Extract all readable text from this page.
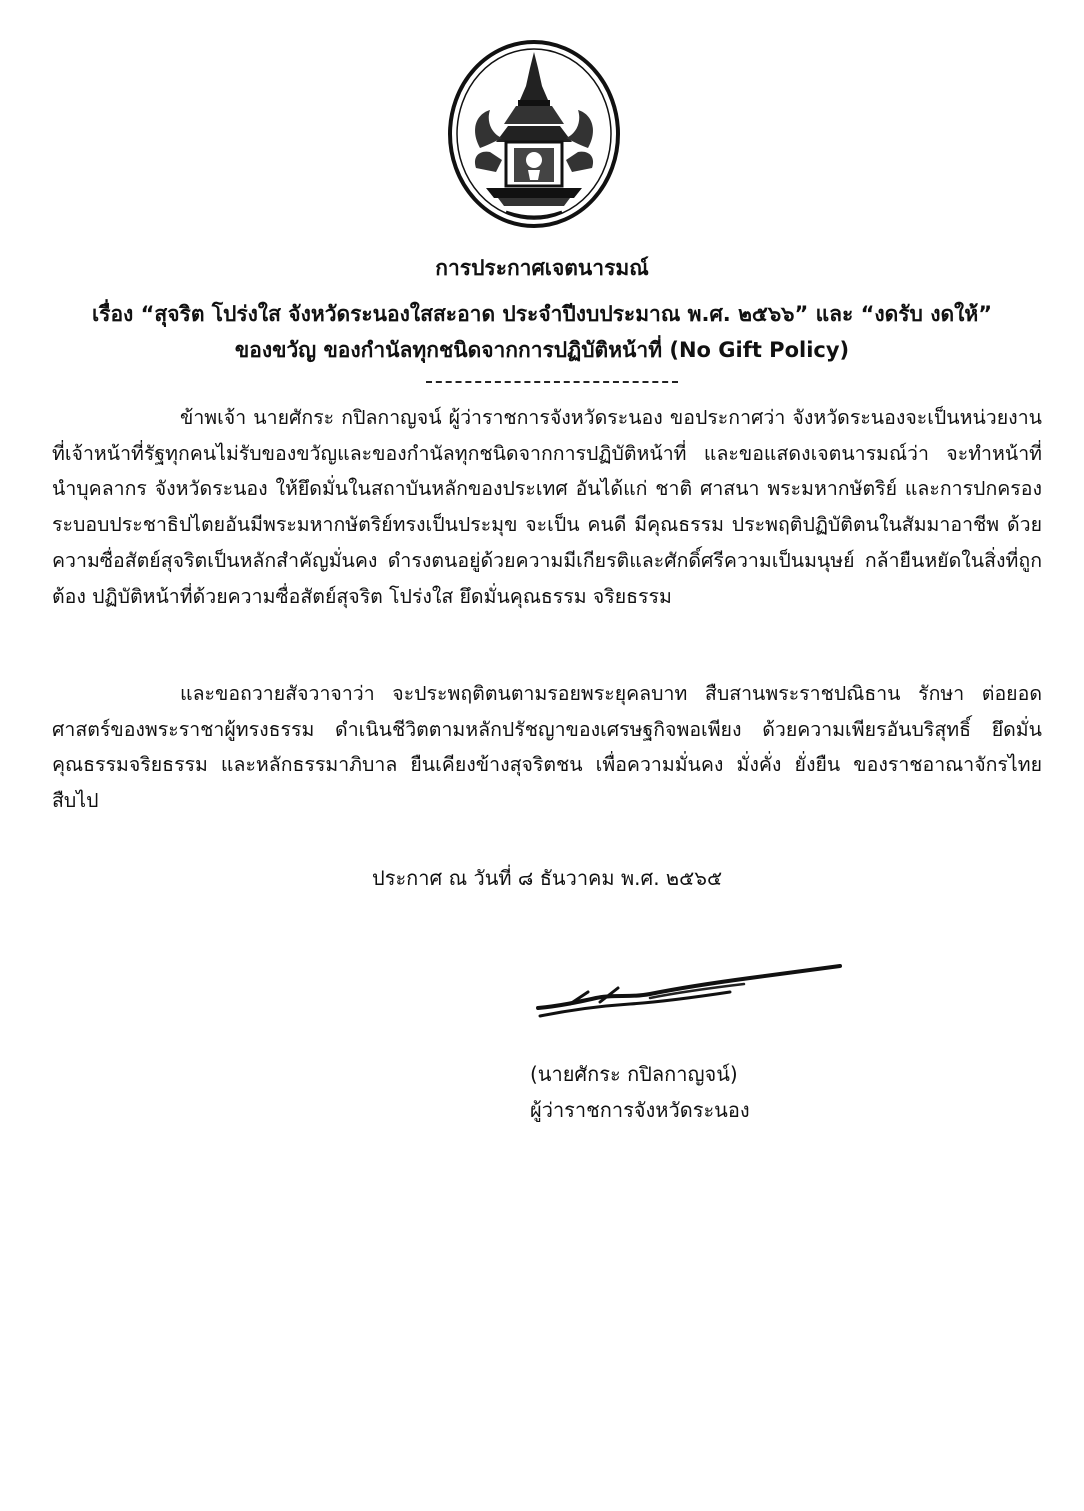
การประกาศเจตนารมณ์
เรื่อง “สุจริต โปร่งใส จังหวัดระนองใสสะอาด ประจำปีงบประมาณ พ.ศ. ๒๕๖๖” และ “งดรับ งดให้”
ของขวัญ ของกำนัลทุกชนิดจากการปฏิบัติหน้าที่ (No Gift Policy)
ข้าพเจ้า นายศักระ กปิลกาญจน์ ผู้ว่าราชการจังหวัดระนอง ขอประกาศว่า จังหวัดระนองจะเป็นหน่วยงานที่เจ้าหน้าที่รัฐทุกคนไม่รับของขวัญและของกำนัลทุกชนิดจากการปฏิบัติหน้าที่ และขอแสดงเจตนารมณ์ว่า จะทำหน้าที่นำบุคลากร จังหวัดระนอง ให้ยึดมั่นในสถาบันหลักของประเทศ อันได้แก่ ชาติ ศาสนา พระมหากษัตริย์ และการปกครองระบอบประชาธิปไตยอันมีพระมหากษัตริย์ทรงเป็นประมุข จะเป็น คนดี มีคุณธรรม ประพฤติปฏิบัติตนในสัมมาอาชีพ ด้วยความซื่อสัตย์สุจริตเป็นหลักสำคัญมั่นคง ดำรงตนอยู่ด้วยความมีเกียรติและศักดิ์ศรีความเป็นมนุษย์ กล้ายืนหยัดในสิ่งที่ถูกต้อง ปฏิบัติหน้าที่ด้วยความซื่อสัตย์สุจริต โปร่งใส ยึดมั่นคุณธรรม จริยธรรม
และขอถวายสัจวาจาว่า จะประพฤติตนตามรอยพระยุคลบาท สืบสานพระราชปณิธาน รักษา ต่อยอดศาสตร์ของพระราชาผู้ทรงธรรม ดำเนินชีวิตตามหลักปรัชญาของเศรษฐกิจพอเพียง ด้วยความเพียรอันบริสุทธิ์ ยึดมั่นคุณธรรมจริยธรรม และหลักธรรมาภิบาล ยืนเคียงข้างสุจริตชน เพื่อความมั่นคง มั่งคั่ง ยั่งยืน ของราชอาณาจักรไทยสืบไป
ประกาศ ณ วันที่ ๘ ธันวาคม พ.ศ. ๒๕๖๕
(นายศักระ กปิลกาญจน์)
ผู้ว่าราชการจังหวัดระนอง
